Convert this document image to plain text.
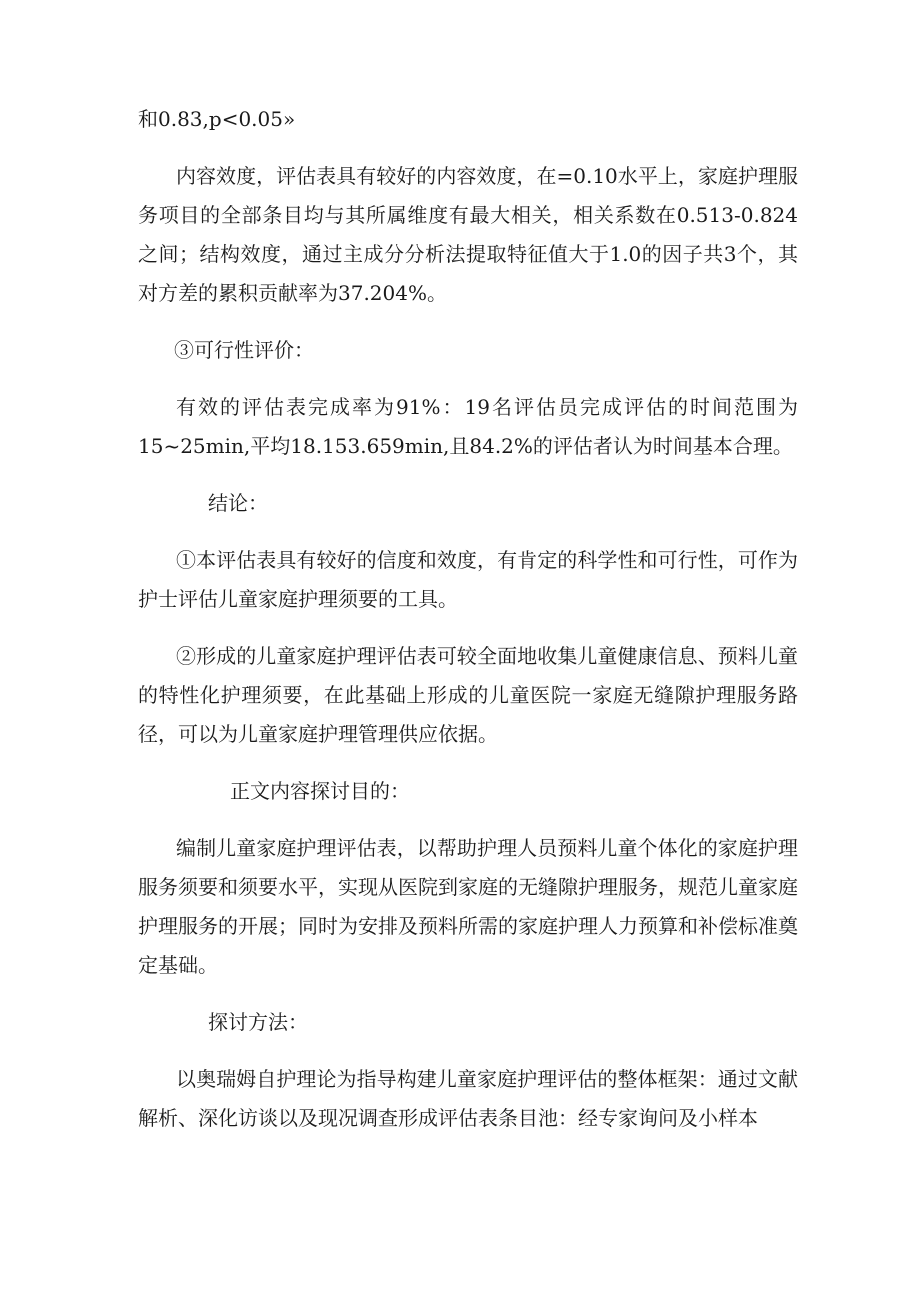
和0.83,p<0.05»

内容效度，评估表具有较好的内容效度，在=0.10水平上，家庭护理服务项目的全部条目均与其所属维度有最大相关，相关系数在0.513-0.824之间；结构效度，通过主成分分析法提取特征值大于1.0的因子共3个，其对方差的累积贡献率为37.204%。

③可行性评价：

有效的评估表完成率为91%：19名评估员完成评估的时间范围为15~25min,平均18.153.659min,且84.2%的评估者认为时间基本合理。

结论：

①本评估表具有较好的信度和效度，有肯定的科学性和可行性，可作为护士评估儿童家庭护理须要的工具。

②形成的儿童家庭护理评估表可较全面地收集儿童健康信息、预料儿童的特性化护理须要，在此基础上形成的儿童医院一家庭无缝隙护理服务路径，可以为儿童家庭护理管理供应依据。

正文内容探讨目的：

编制儿童家庭护理评估表，以帮助护理人员预料儿童个体化的家庭护理服务须要和须要水平，实现从医院到家庭的无缝隙护理服务，规范儿童家庭护理服务的开展；同时为安排及预料所需的家庭护理人力预算和补偿标准奠定基础。

探讨方法：

以奥瑞姆自护理论为指导构建儿童家庭护理评估的整体框架：通过文献解析、深化访谈以及现况调查形成评估表条目池：经专家询问及小样本
